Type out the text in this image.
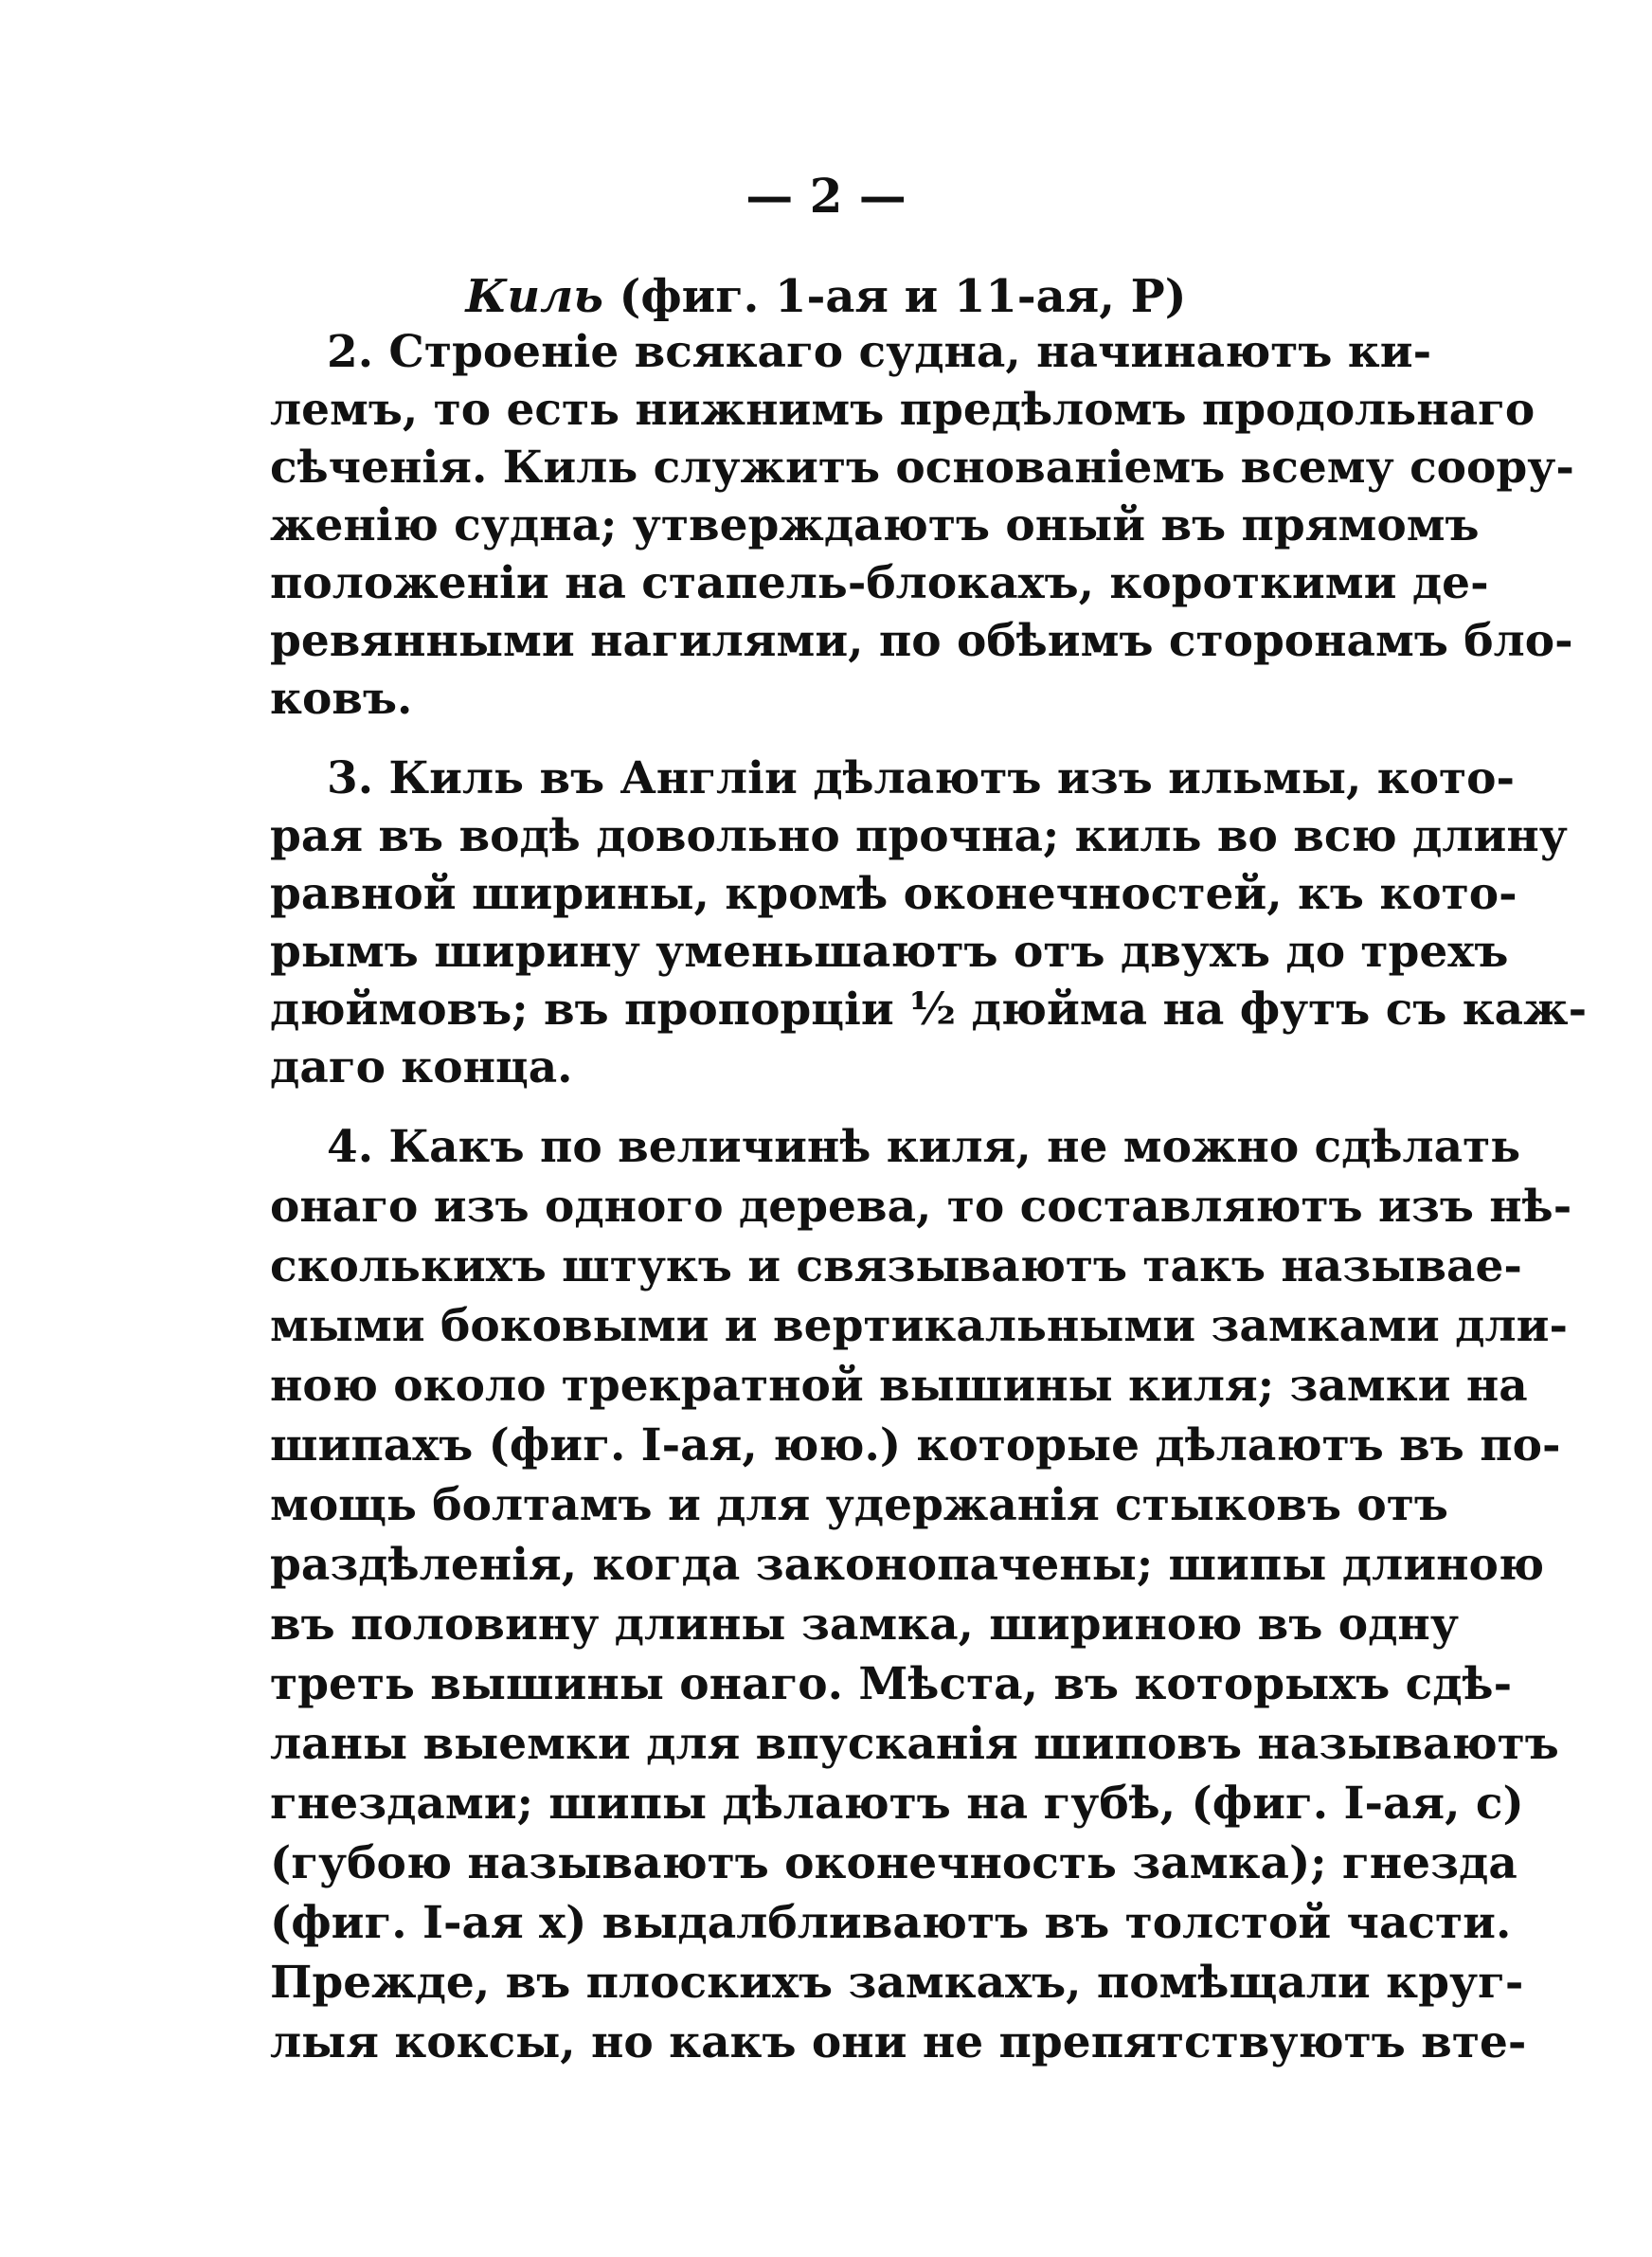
— 2 —
Киль (фиг. 1-ая и 11-ая, Р)
2. Строеніе всякаго судна, начинаютъ ки-
лемъ, то есть нижнимъ предѣломъ продольнаго
сѣченія. Киль служитъ основаніемъ всему соору-
женію судна; утверждаютъ оный въ прямомъ
положеніи на стапель-блокахъ, короткими де-
ревянными нагилями, по обѣимъ сторонамъ бло-
ковъ.
3. Киль въ Англіи дѣлаютъ изъ ильмы, кото-
рая въ водѣ довольно прочна; киль во всю длину
равной ширины, кромѣ оконечностей, къ кото-
рымъ ширину уменьшаютъ отъ двухъ до трехъ
дюймовъ; въ пропорціи ½ дюйма на футъ съ каж-
даго конца.
4. Какъ по величинѣ киля, не можно сдѣлать
онаго изъ одного дерева, то составляютъ изъ нѣ-
сколькихъ штукъ и связываютъ такъ называе-
мыми боковыми и вертикальными замками дли-
ною около трекратной вышины киля; замки на
шипахъ (фиг. I-ая, юю.) которые дѣлаютъ въ по-
мощь болтамъ и для удержанія стыковъ отъ
раздѣленія, когда законопачены; шипы длиною
въ половину длины замка, шириною въ одну
треть вышины онаго. Мѣста, въ которыхъ сдѣ-
ланы выемки для впусканія шиповъ называютъ
гнездами; шипы дѣлаютъ на губѣ, (фиг. I-ая, с)
(губою называютъ оконечность замка); гнезда
(фиг. I-ая х) выдалбливаютъ въ толстой части.
Прежде, въ плоскихъ замкахъ, помѣщали круг-
лыя коксы, но какъ они не препятствуютъ вте-
